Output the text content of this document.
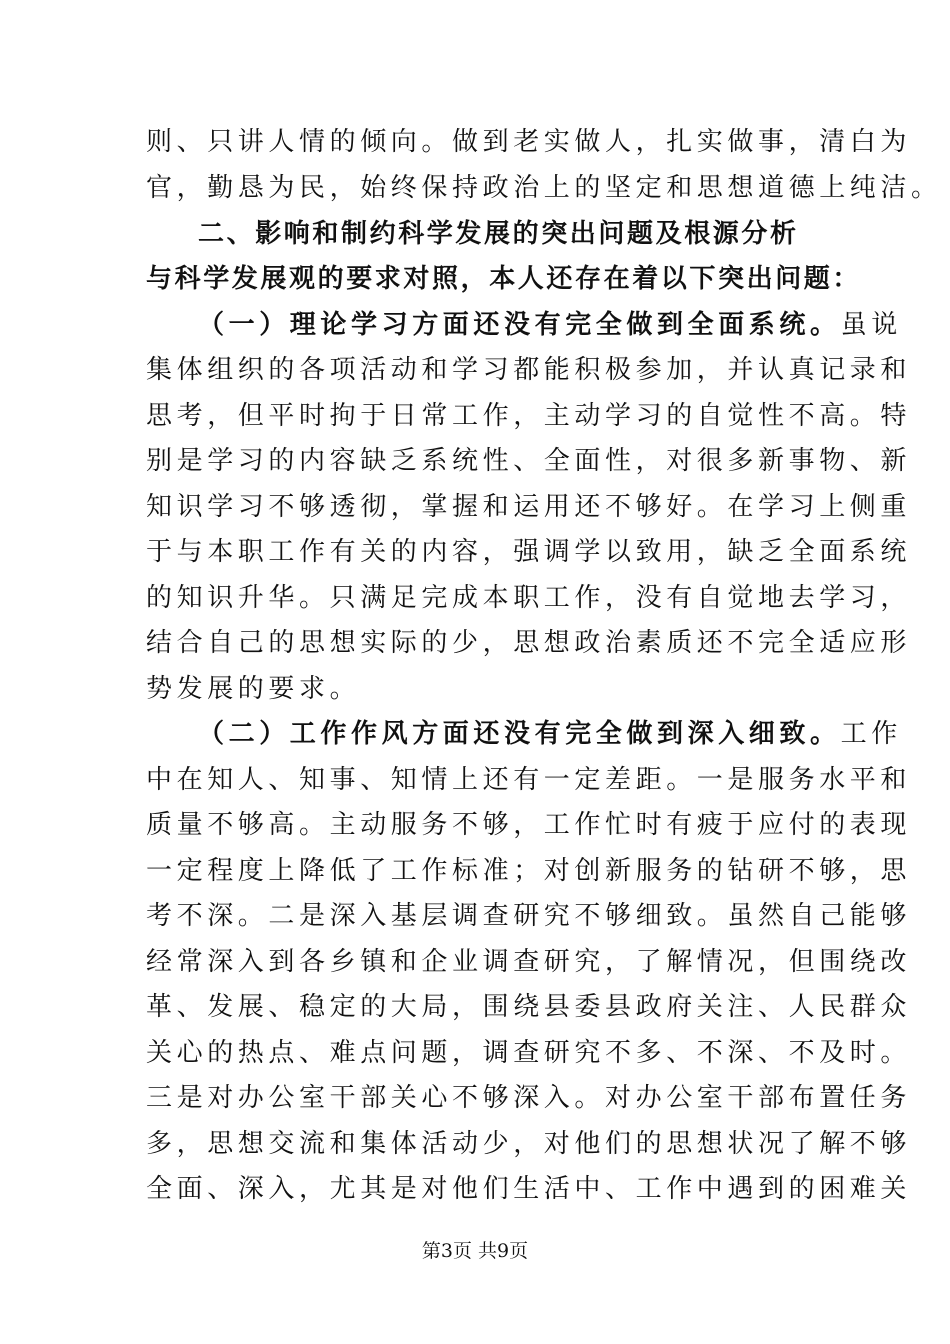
则、只讲人情的倾向。做到老实做人，扎实做事，清白为
官，勤恳为民，始终保持政治上的坚定和思想道德上纯洁。
二、影响和制约科学发展的突出问题及根源分析
与科学发展观的要求对照，本人还存在着以下突出问题：
（一）理论学习方面还没有完全做到全面系统。虽说
集体组织的各项活动和学习都能积极参加，并认真记录和
思考，但平时拘于日常工作，主动学习的自觉性不高。特
别是学习的内容缺乏系统性、全面性，对很多新事物、新
知识学习不够透彻，掌握和运用还不够好。在学习上侧重
于与本职工作有关的内容，强调学以致用，缺乏全面系统
的知识升华。只满足完成本职工作，没有自觉地去学习，
结合自己的思想实际的少，思想政治素质还不完全适应形
势发展的要求。
（二）工作作风方面还没有完全做到深入细致。工作
中在知人、知事、知情上还有一定差距。一是服务水平和
质量不够高。主动服务不够，工作忙时有疲于应付的表现
一定程度上降低了工作标准；对创新服务的钻研不够，思
考不深。二是深入基层调查研究不够细致。虽然自己能够
经常深入到各乡镇和企业调查研究，了解情况，但围绕改
革、发展、稳定的大局，围绕县委县政府关注、人民群众
关心的热点、难点问题，调查研究不多、不深、不及时。
三是对办公室干部关心不够深入。对办公室干部布置任务
多，思想交流和集体活动少，对他们的思想状况了解不够
全面、深入，尤其是对他们生活中、工作中遇到的困难关
第3页 共9页
